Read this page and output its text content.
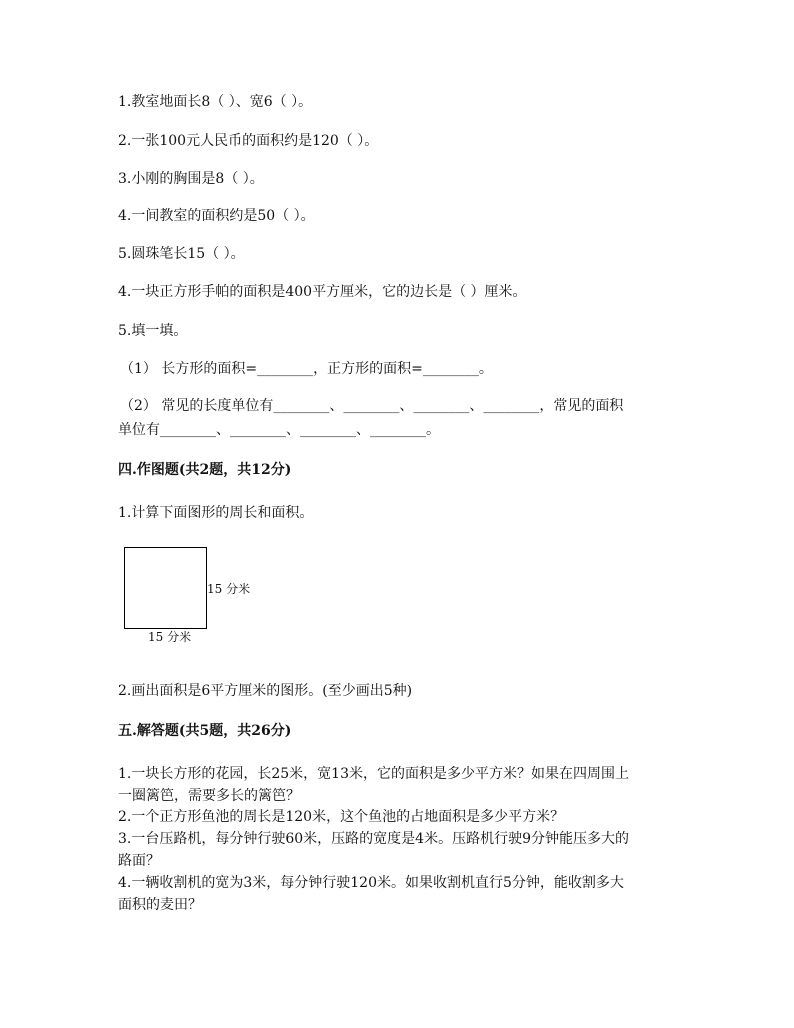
1.教室地面长8（ ）、宽6（ ）。
2.一张100元人民币的面积约是120（ ）。
3.小刚的胸围是8（ ）。
4.一间教室的面积约是50（ ）。
5.圆珠笔长15（ ）。
4.一块正方形手帕的面积是400平方厘米，它的边长是（ ）厘米。
5.填一填。
（1） 长方形的面积=________，正方形的面积=________。
（2） 常见的长度单位有________、________、________、________，常见的面积
单位有________、________、________、________。
四.作图题(共2题，共12分)
1.计算下面图形的周长和面积。
15 分米
15 分米
2.画出面积是6平方厘米的图形。(至少画出5种)
五.解答题(共5题，共26分)
1.一块长方形的花园，长25米，宽13米，它的面积是多少平方米？如果在四周围上
一圈篱笆，需要多长的篱笆？
2.一个正方形鱼池的周长是120米，这个鱼池的占地面积是多少平方米？
3.一台压路机，每分钟行驶60米，压路的宽度是4米。压路机行驶9分钟能压多大的
路面？
4.一辆收割机的宽为3米，每分钟行驶120米。如果收割机直行5分钟，能收割多大
面积的麦田？
